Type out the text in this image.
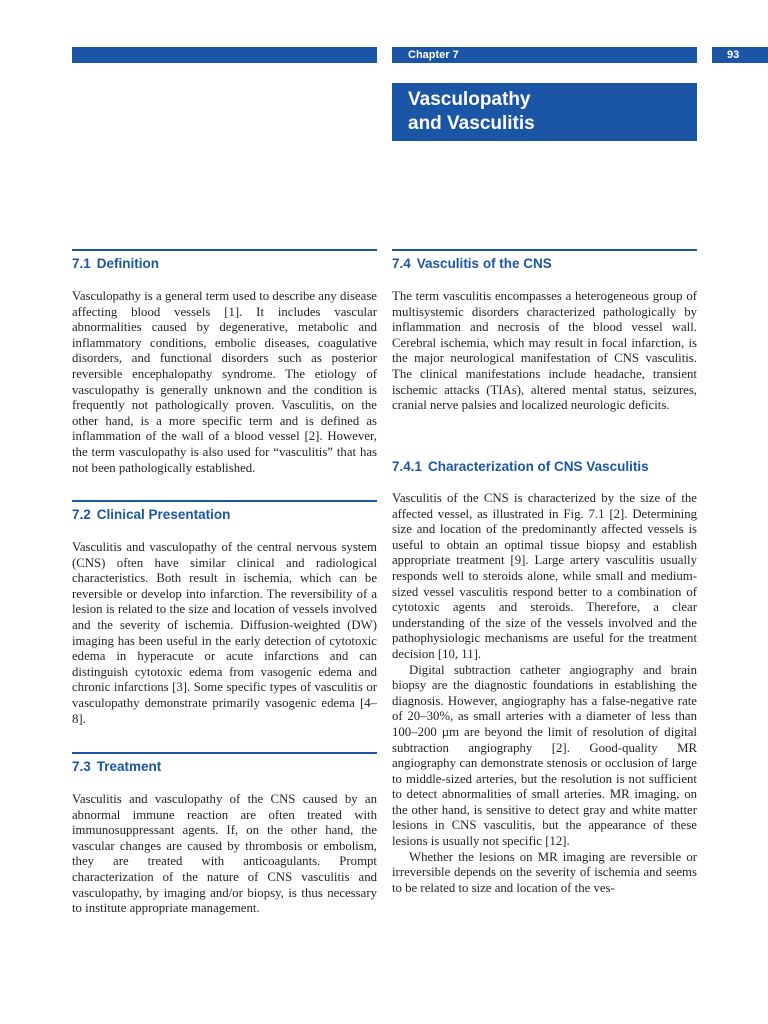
Chapter 7	93
Vasculopathy
and Vasculitis
7.1 Definition

Vasculopathy is a general term used to describe any disease affecting blood vessels [1]. It includes vascular abnormalities caused by degenerative, metabolic and inflammatory conditions, embolic diseases, coagulative disorders, and functional disorders such as posterior reversible encephalopathy syndrome. The etiology of vasculopathy is generally unknown and the condition is frequently not pathologically proven. Vasculitis, on the other hand, is a more specific term and is defined as inflammation of the wall of a blood vessel [2]. However, the term vasculopathy is also used for “vasculitis” that has not been pathologically established.

7.2 Clinical Presentation

Vasculitis and vasculopathy of the central nervous system (CNS) often have similar clinical and radiological characteristics. Both result in ischemia, which can be reversible or develop into infarction. The reversibility of a lesion is related to the size and location of vessels involved and the severity of ischemia. Diffusion-weighted (DW) imaging has been useful in the early detection of cytotoxic edema in hyperacute or acute infarctions and can distinguish cytotoxic edema from vasogenic edema and chronic infarctions [3]. Some specific types of vasculitis or vasculopathy demonstrate primarily vasogenic edema [4–8].

7.3 Treatment

Vasculitis and vasculopathy of the CNS caused by an abnormal immune reaction are often treated with immunosuppressant agents. If, on the other hand, the vascular changes are caused by thrombosis or embolism, they are treated with anticoagulants. Prompt characterization of the nature of CNS vasculitis and vasculopathy, by imaging and/or biopsy, is thus necessary to institute appropriate management.

7.4 Vasculitis of the CNS

The term vasculitis encompasses a heterogeneous group of multisystemic disorders characterized pathologically by inflammation and necrosis of the blood vessel wall. Cerebral ischemia, which may result in focal infarction, is the major neurological manifestation of CNS vasculitis. The clinical manifestations include headache, transient ischemic attacks (TIAs), altered mental status, seizures, cranial nerve palsies and localized neurologic deficits.

7.4.1 Characterization of CNS Vasculitis

Vasculitis of the CNS is characterized by the size of the affected vessel, as illustrated in Fig. 7.1 [2]. Determining size and location of the predominantly affected vessels is useful to obtain an optimal tissue biopsy and establish appropriate treatment [9]. Large artery vasculitis usually responds well to steroids alone, while small and medium-sized vessel vasculitis respond better to a combination of cytotoxic agents and steroids. Therefore, a clear understanding of the size of the vessels involved and the pathophysiologic mechanisms are useful for the treatment decision [10, 11].

Digital subtraction catheter angiography and brain biopsy are the diagnostic foundations in establishing the diagnosis. However, angiography has a false-negative rate of 20–30%, as small arteries with a diameter of less than 100–200 µm are beyond the limit of resolution of digital subtraction angiography [2]. Good-quality MR angiography can demonstrate stenosis or occlusion of large to middle-sized arteries, but the resolution is not sufficient to detect abnormalities of small arteries. MR imaging, on the other hand, is sensitive to detect gray and white matter lesions in CNS vasculitis, but the appearance of these lesions is usually not specific [12].

Whether the lesions on MR imaging are reversible or irreversible depends on the severity of ischemia and seems to be related to size and location of the ves-
